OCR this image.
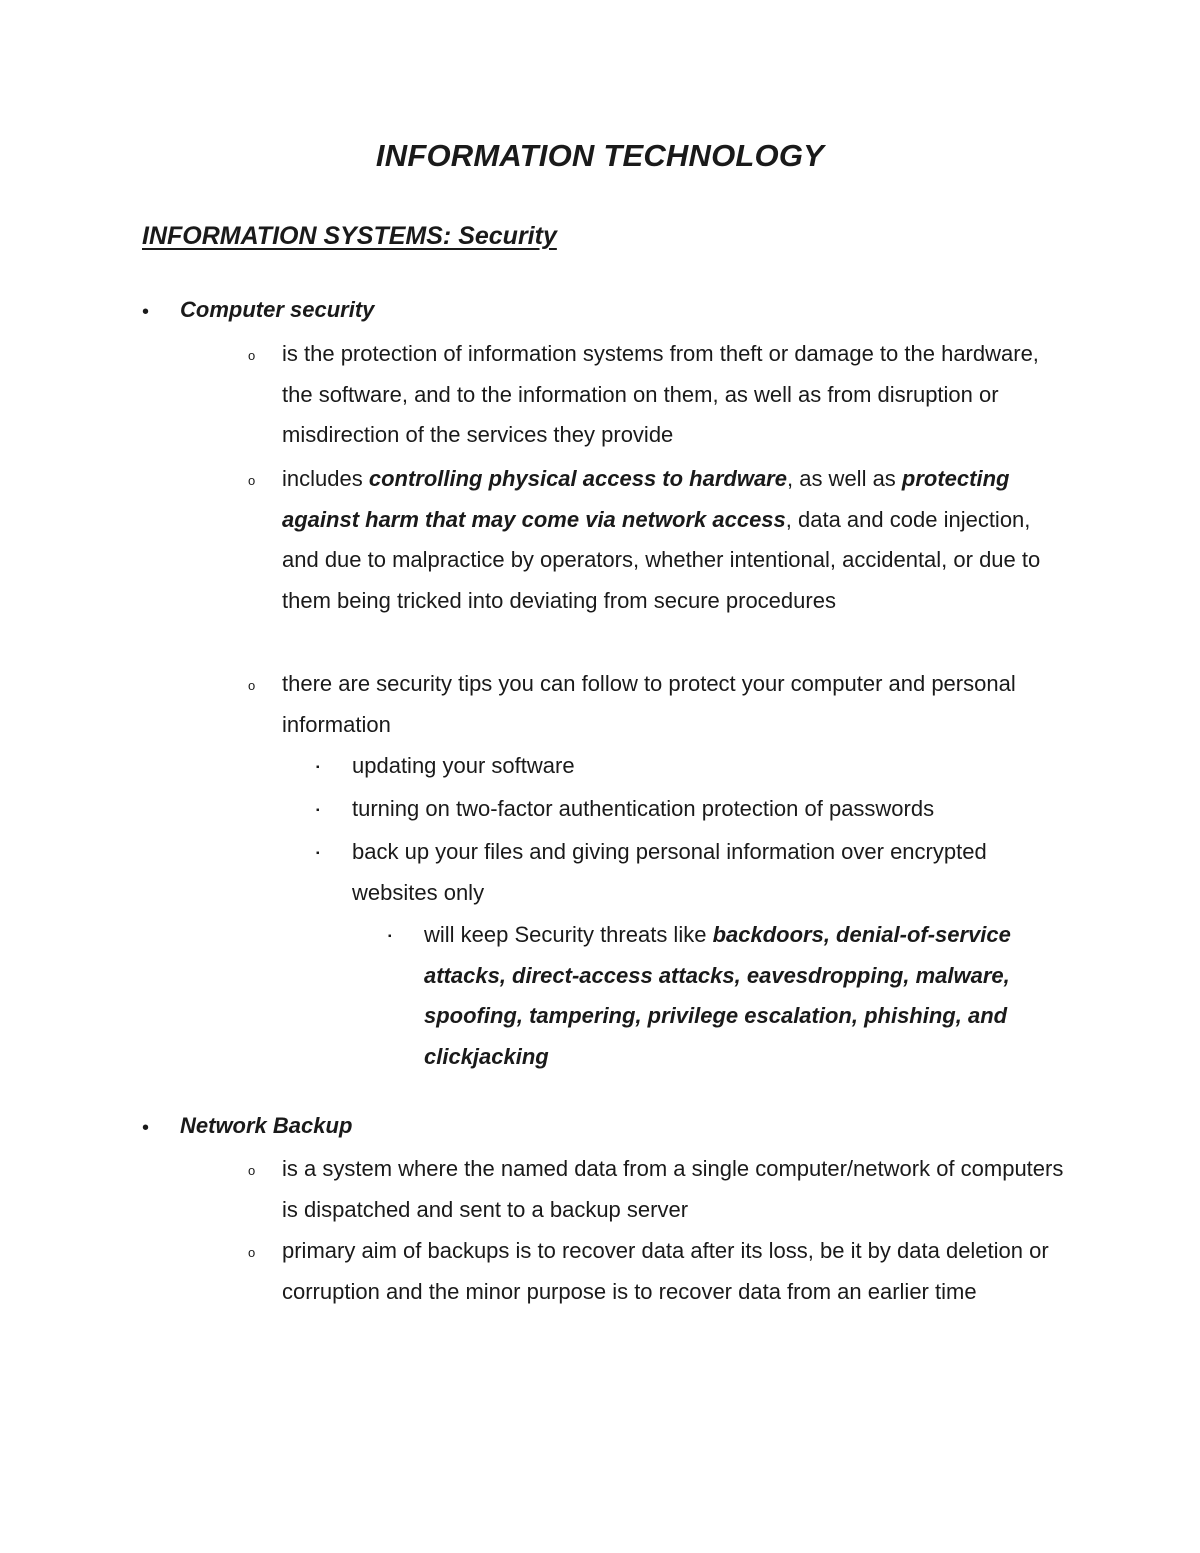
INFORMATION TECHNOLOGY
INFORMATION SYSTEMS: Security
• Computer security
o is the protection of information systems from theft or damage to the hardware, the software, and to the information on them, as well as from disruption or misdirection of the services they provide
o includes controlling physical access to hardware, as well as protecting against harm that may come via network access, data and code injection, and due to malpractice by operators, whether intentional, accidental, or due to them being tricked into deviating from secure procedures
o there are security tips you can follow to protect your computer and personal information
▪ updating your software
▪ turning on two-factor authentication protection of passwords
▪ back up your files and giving personal information over encrypted websites only
▪ will keep Security threats like backdoors, denial-of-service attacks, direct-access attacks, eavesdropping, malware, spoofing, tampering, privilege escalation, phishing, and clickjacking
• Network Backup
o is a system where the named data from a single computer/network of computers is dispatched and sent to a backup server
o primary aim of backups is to recover data after its loss, be it by data deletion or corruption and the minor purpose is to recover data from an earlier time
